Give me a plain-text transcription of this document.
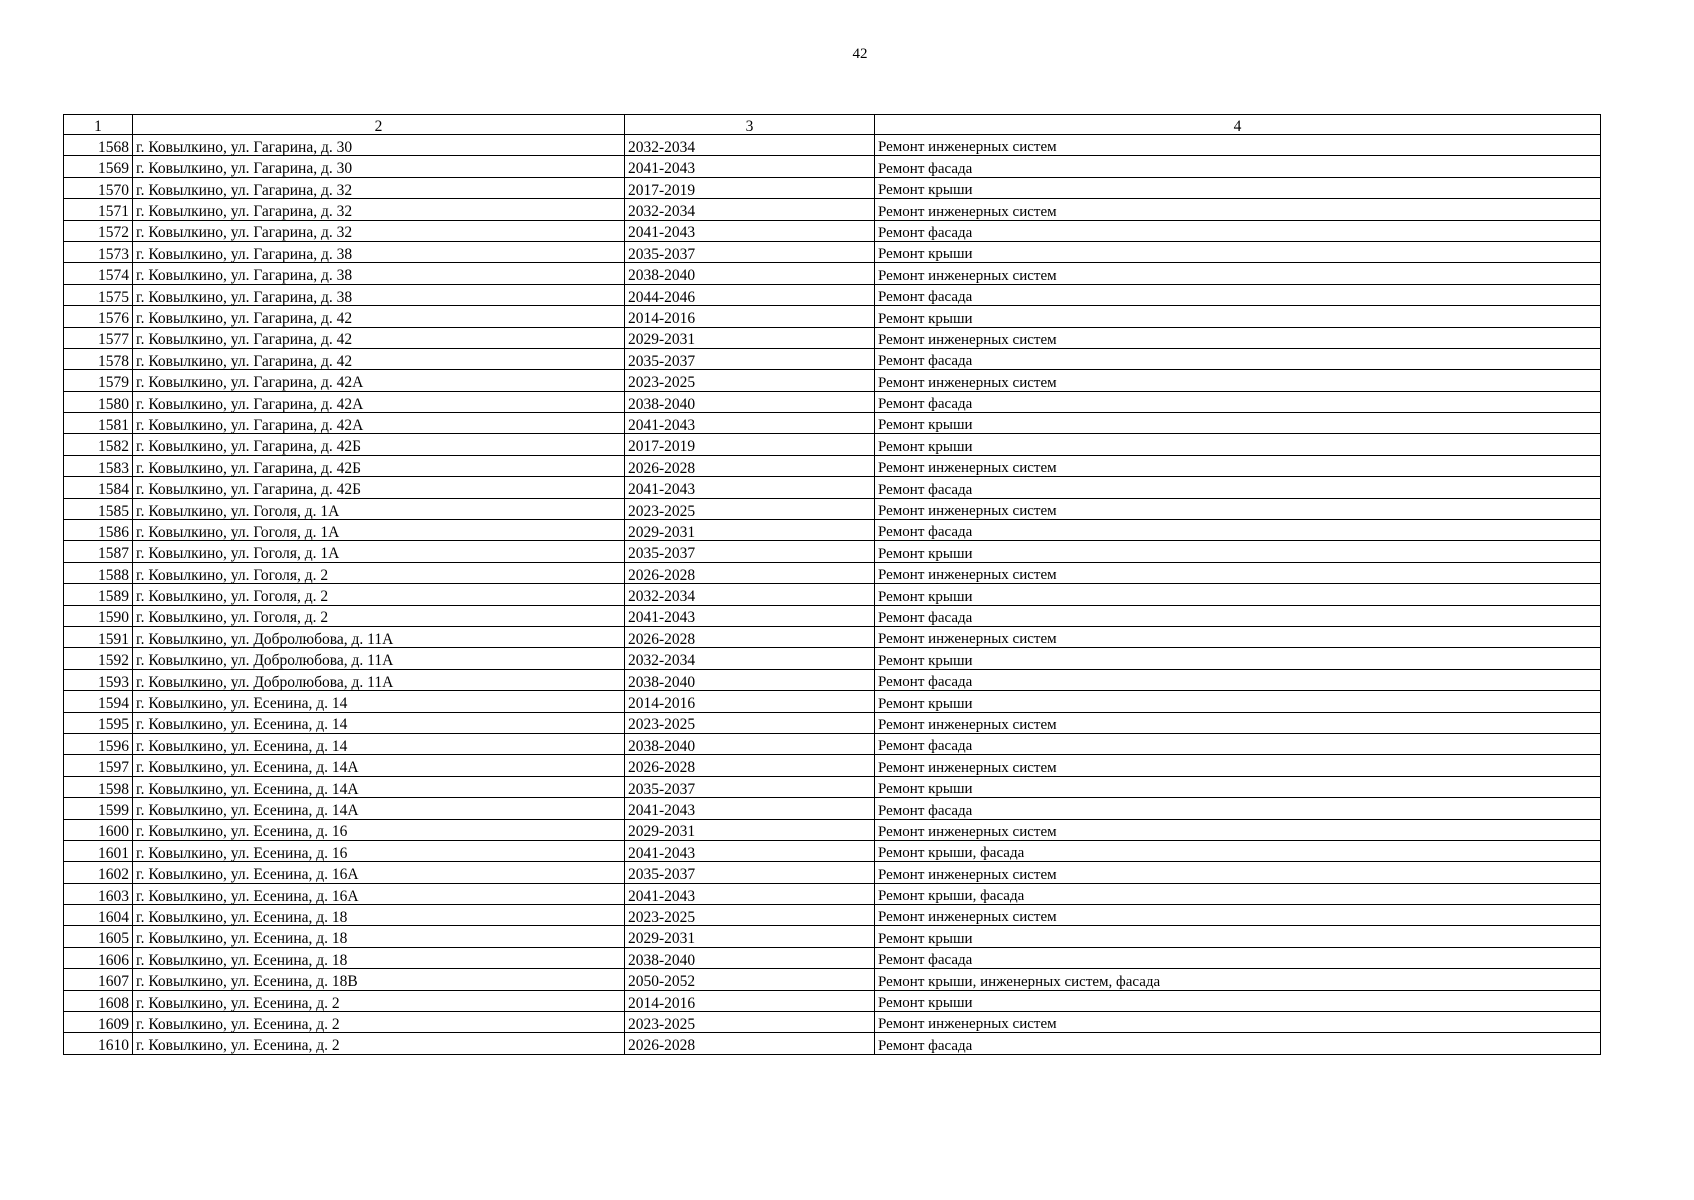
42
1	2	3	4
1568	г. Ковылкино, ул. Гагарина, д. 30	2032-2034	Ремонт инженерных систем
1569	г. Ковылкино, ул. Гагарина, д. 30	2041-2043	Ремонт фасада
1570	г. Ковылкино, ул. Гагарина, д. 32	2017-2019	Ремонт крыши
1571	г. Ковылкино, ул. Гагарина, д. 32	2032-2034	Ремонт инженерных систем
1572	г. Ковылкино, ул. Гагарина, д. 32	2041-2043	Ремонт фасада
1573	г. Ковылкино, ул. Гагарина, д. 38	2035-2037	Ремонт крыши
1574	г. Ковылкино, ул. Гагарина, д. 38	2038-2040	Ремонт инженерных систем
1575	г. Ковылкино, ул. Гагарина, д. 38	2044-2046	Ремонт фасада
1576	г. Ковылкино, ул. Гагарина, д. 42	2014-2016	Ремонт крыши
1577	г. Ковылкино, ул. Гагарина, д. 42	2029-2031	Ремонт инженерных систем
1578	г. Ковылкино, ул. Гагарина, д. 42	2035-2037	Ремонт фасада
1579	г. Ковылкино, ул. Гагарина, д. 42А	2023-2025	Ремонт инженерных систем
1580	г. Ковылкино, ул. Гагарина, д. 42А	2038-2040	Ремонт фасада
1581	г. Ковылкино, ул. Гагарина, д. 42А	2041-2043	Ремонт крыши
1582	г. Ковылкино, ул. Гагарина, д. 42Б	2017-2019	Ремонт крыши
1583	г. Ковылкино, ул. Гагарина, д. 42Б	2026-2028	Ремонт инженерных систем
1584	г. Ковылкино, ул. Гагарина, д. 42Б	2041-2043	Ремонт фасада
1585	г. Ковылкино, ул. Гоголя, д. 1А	2023-2025	Ремонт инженерных систем
1586	г. Ковылкино, ул. Гоголя, д. 1А	2029-2031	Ремонт фасада
1587	г. Ковылкино, ул. Гоголя, д. 1А	2035-2037	Ремонт крыши
1588	г. Ковылкино, ул. Гоголя, д. 2	2026-2028	Ремонт инженерных систем
1589	г. Ковылкино, ул. Гоголя, д. 2	2032-2034	Ремонт крыши
1590	г. Ковылкино, ул. Гоголя, д. 2	2041-2043	Ремонт фасада
1591	г. Ковылкино, ул. Добролюбова, д. 11А	2026-2028	Ремонт инженерных систем
1592	г. Ковылкино, ул. Добролюбова, д. 11А	2032-2034	Ремонт крыши
1593	г. Ковылкино, ул. Добролюбова, д. 11А	2038-2040	Ремонт фасада
1594	г. Ковылкино, ул. Есенина, д. 14	2014-2016	Ремонт крыши
1595	г. Ковылкино, ул. Есенина, д. 14	2023-2025	Ремонт инженерных систем
1596	г. Ковылкино, ул. Есенина, д. 14	2038-2040	Ремонт фасада
1597	г. Ковылкино, ул. Есенина, д. 14А	2026-2028	Ремонт инженерных систем
1598	г. Ковылкино, ул. Есенина, д. 14А	2035-2037	Ремонт крыши
1599	г. Ковылкино, ул. Есенина, д. 14А	2041-2043	Ремонт фасада
1600	г. Ковылкино, ул. Есенина, д. 16	2029-2031	Ремонт инженерных систем
1601	г. Ковылкино, ул. Есенина, д. 16	2041-2043	Ремонт крыши, фасада
1602	г. Ковылкино, ул. Есенина, д. 16А	2035-2037	Ремонт инженерных систем
1603	г. Ковылкино, ул. Есенина, д. 16А	2041-2043	Ремонт крыши, фасада
1604	г. Ковылкино, ул. Есенина, д. 18	2023-2025	Ремонт инженерных систем
1605	г. Ковылкино, ул. Есенина, д. 18	2029-2031	Ремонт крыши
1606	г. Ковылкино, ул. Есенина, д. 18	2038-2040	Ремонт фасада
1607	г. Ковылкино, ул. Есенина, д. 18В	2050-2052	Ремонт крыши, инженерных систем, фасада
1608	г. Ковылкино, ул. Есенина, д. 2	2014-2016	Ремонт крыши
1609	г. Ковылкино, ул. Есенина, д. 2	2023-2025	Ремонт инженерных систем
1610	г. Ковылкино, ул. Есенина, д. 2	2026-2028	Ремонт фасада
